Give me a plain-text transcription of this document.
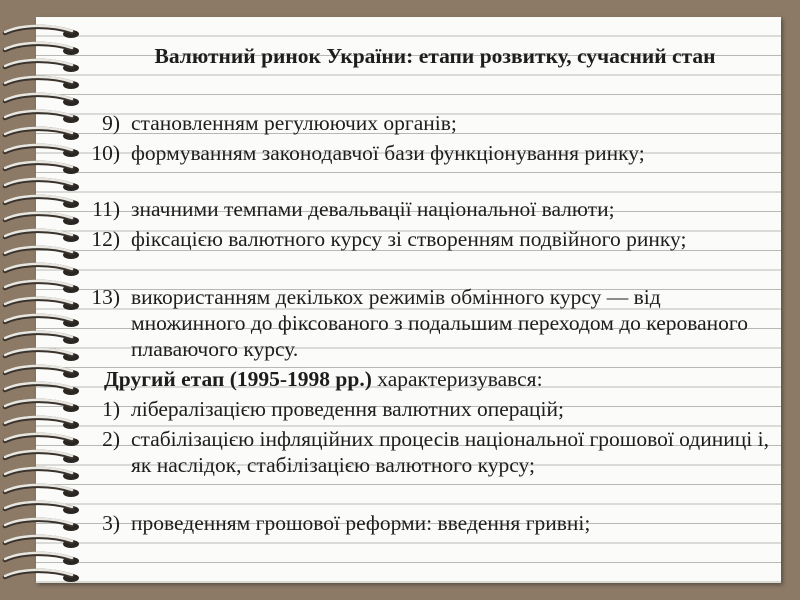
Валютний ринок України: етапи розвитку, сучасний стан
9) становленням регулюючих органів;
10) формуванням законодавчої бази функціонування ринку;
11) значними темпами девальвації національної валюти;
12) фіксацією валютного курсу зі створенням подвійного ринку;
13) використанням декількох режимів обмінного курсу — від множинного до фіксованого з подальшим переходом до керованого плаваючого курсу.

Другий етап (1995-1998 рр.) характеризувався:

1) лібералізацією проведення валютних операцій;
2) стабілізацією інфляційних процесів національної грошової одиниці і, як наслідок, стабілізацією валютного курсу;
3) проведенням грошової реформи: введення гривні;
